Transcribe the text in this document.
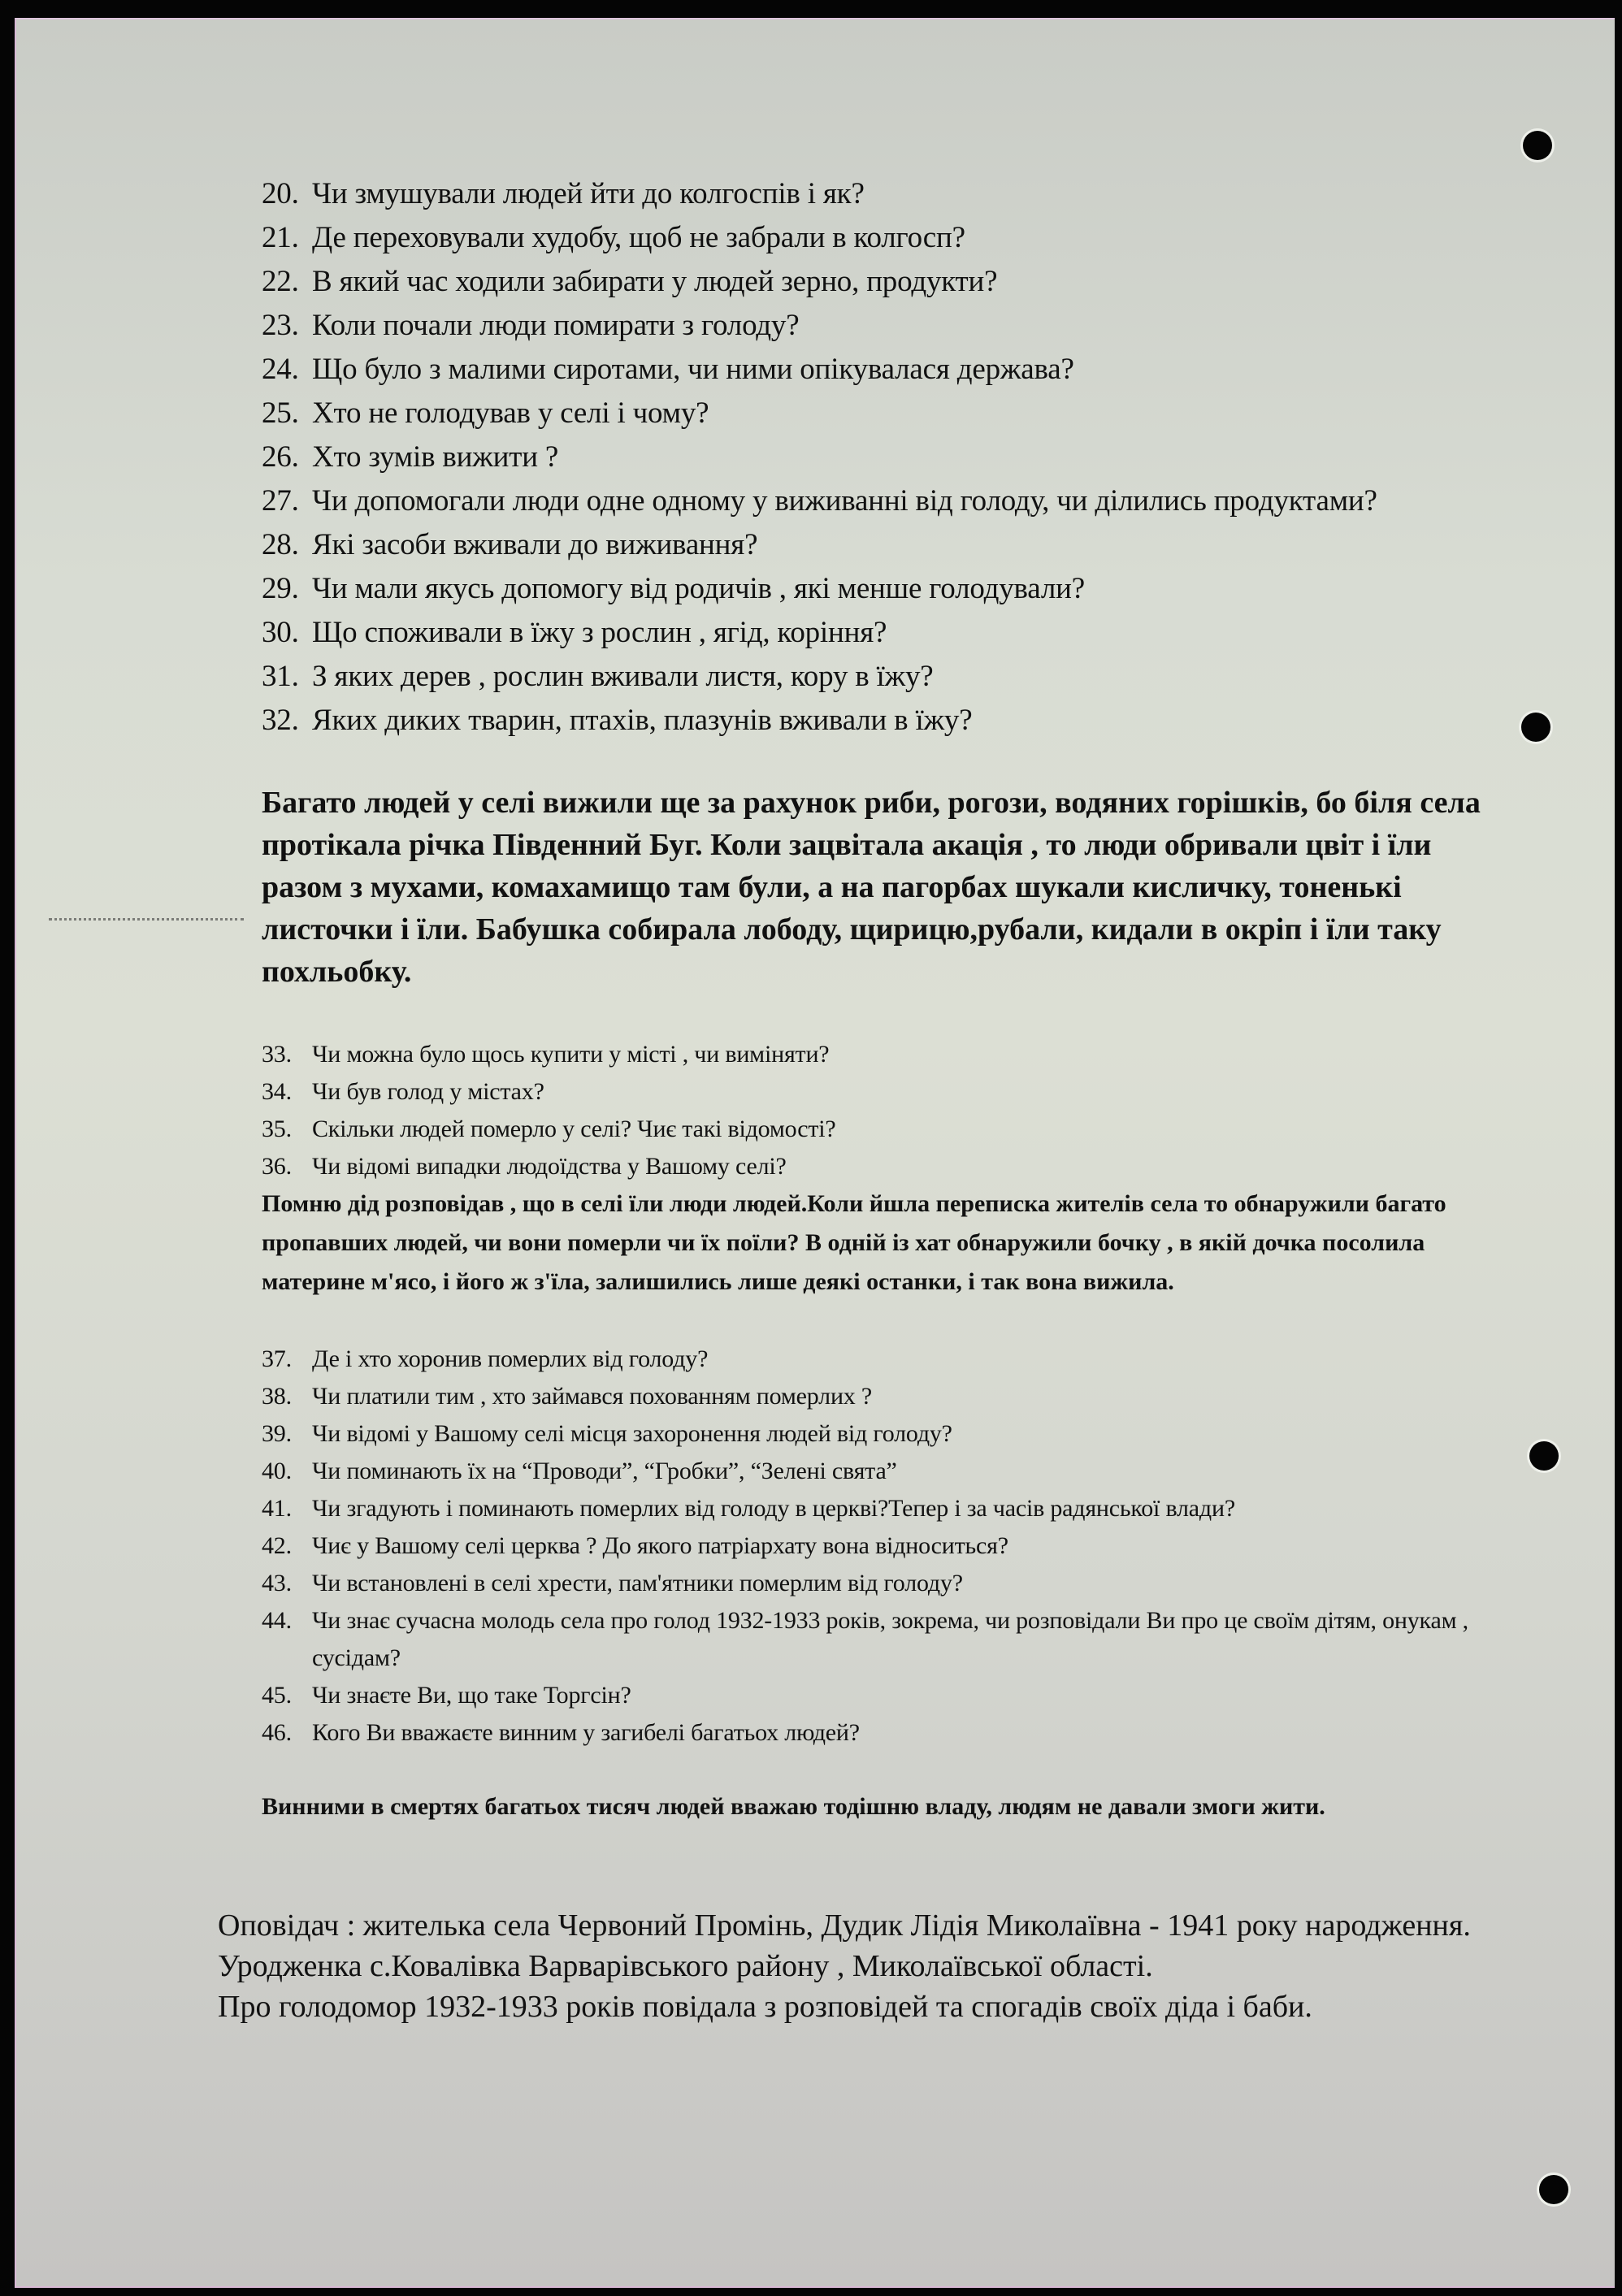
20. Чи змушували людей йти до колгоспів і як?
21. Де переховували худобу, щоб не забрали в колгосп?
22. В який час ходили забирати у людей зерно, продукти?
23. Коли почали люди помирати з голоду?
24. Що було з малими сиротами, чи ними опікувалася держава?
25. Хто не голодував у селі і чому?
26. Хто зумів вижити ?
27. Чи допомогали люди одне одному у виживанні від голоду, чи ділились продуктами?
28. Які засоби вживали до виживання?
29. Чи мали якусь допомогу від родичів , які менше голодували?
30. Що споживали в їжу з рослин , ягід, коріння?
31. З яких дерев , рослин вживали листя, кору в їжу?
32. Яких диких тварин, птахів, плазунів вживали в їжу?
Багато людей у селі вижили ще за рахунок риби, рогози, водяних горішків, бо біля села протікала річка Південний Буг. Коли зацвітала акація , то люди обривали цвіт і їли разом з мухами, комахамищо там були, а на пагорбах шукали кисличку, тоненькі листочки і їли. Бабушка собирала лободу, щирицю,рубали, кидали в окріп і їли таку похльобку.
33. Чи можна було щось купити у місті , чи виміняти?
34. Чи був голод у містах?
35. Скільки людей померло у селі? Чиє такі відомості?
36. Чи відомі випадки людоїдства у Вашому селі?
Помню дід розповідав , що в селі їли люди людей.Коли йшла переписка жителів села то обнаружили багато пропавших людей, чи вони померли чи їх поїли? В одній із хат обнаружили бочку , в якій дочка посолила материне м'ясо, і його ж з'їла, залишились лише деякі останки, і так вона вижила.
37. Де і хто хоронив померлих від голоду?
38. Чи платили тим , хто займався похованням померлих ?
39. Чи відомі у Вашому селі місця захоронення людей від голоду?
40. Чи поминають їх на “Проводи”, “Гробки”, “Зелені свята”
41. Чи згадують і поминають померлих від голоду в церкві?Тепер і за часів радянської влади?
42. Чиє у Вашому селі церква ? До якого патріархату вона відноситься?
43. Чи встановлені в селі хрести, пам'ятники померлим від голоду?
44. Чи знає сучасна молодь села про голод 1932-1933 років, зокрема, чи розповідали Ви про це своїм дітям, онукам , сусідам?
45. Чи знаєте Ви, що таке Торгсін?
46. Кого Ви вважаєте винним у загибелі багатьох людей?
Винними в смертях багатьох тисяч людей вважаю тодішню владу, людям не давали змоги жити.

Оповідач : жителька села Червоний Промінь, Дудик Лідія Миколаївна - 1941 року народження.

Уродженка с.Ковалівка Варварівського району , Миколаївської області.

Про голодомор 1932-1933 років повідала з розповідей та спогадів своїх діда і баби.
